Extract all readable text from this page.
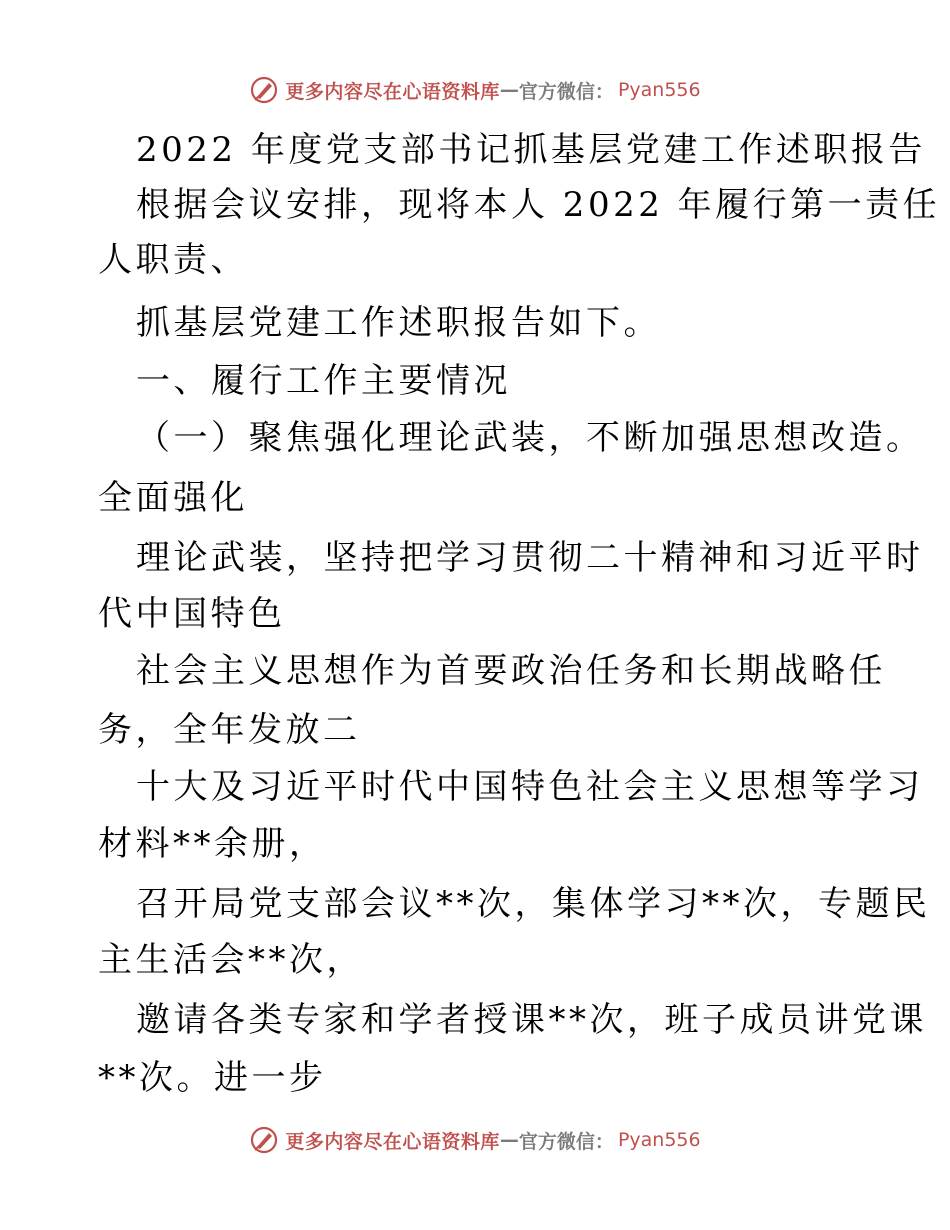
更多内容尽在心语资料库 — 官方微信： Pyan556
2022 年度党支部书记抓基层党建工作述职报告
根据会议安排，现将本人 2022 年履行第一责任
人职责、
抓基层党建工作述职报告如下。
一、履行工作主要情况
（一）聚焦强化理论武装，不断加强思想改造。
全面强化
理论武装，坚持把学习贯彻二十精神和习近平时
代中国特色
社会主义思想作为首要政治任务和长期战略任
务，全年发放二
十大及习近平时代中国特色社会主义思想等学习
材料**余册，
召开局党支部会议**次，集体学习**次，专题民
主生活会**次，
邀请各类专家和学者授课**次，班子成员讲党课
**次。进一步
更多内容尽在心语资料库 — 官方微信： Pyan556
